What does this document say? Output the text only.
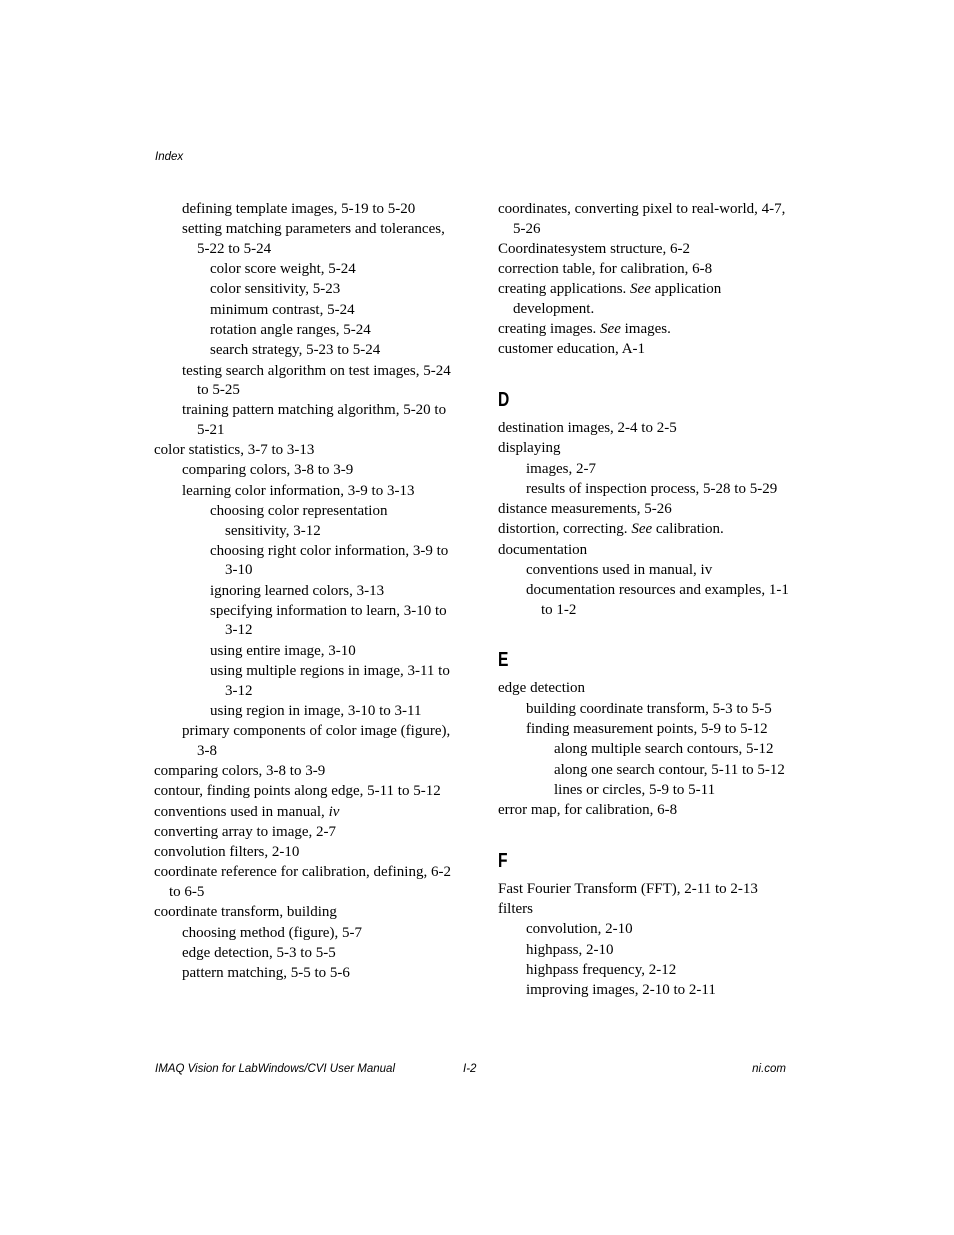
Index
defining template images, 5-19 to 5-20
setting matching parameters and tolerances, 5-22 to 5-24
color score weight, 5-24
color sensitivity, 5-23
minimum contrast, 5-24
rotation angle ranges, 5-24
search strategy, 5-23 to 5-24
testing search algorithm on test images, 5-24 to 5-25
training pattern matching algorithm, 5-20 to 5-21
color statistics, 3-7 to 3-13
comparing colors, 3-8 to 3-9
learning color information, 3-9 to 3-13
choosing color representation sensitivity, 3-12
choosing right color information, 3-9 to 3-10
ignoring learned colors, 3-13
specifying information to learn, 3-10 to 3-12
using entire image, 3-10
using multiple regions in image, 3-11 to 3-12
using region in image, 3-10 to 3-11
primary components of color image (figure), 3-8
comparing colors, 3-8 to 3-9
contour, finding points along edge, 5-11 to 5-12
conventions used in manual, iv
converting array to image, 2-7
convolution filters, 2-10
coordinate reference for calibration, defining, 6-2 to 6-5
coordinate transform, building
choosing method (figure), 5-7
edge detection, 5-3 to 5-5
pattern matching, 5-5 to 5-6
coordinates, converting pixel to real-world, 4-7, 5-26
Coordinatesystem structure, 6-2
correction table, for calibration, 6-8
creating applications. See application development.
creating images. See images.
customer education, A-1
D
destination images, 2-4 to 2-5
displaying
images, 2-7
results of inspection process, 5-28 to 5-29
distance measurements, 5-26
distortion, correcting. See calibration.
documentation
conventions used in manual, iv
documentation resources and examples, 1-1 to 1-2
E
edge detection
building coordinate transform, 5-3 to 5-5
finding measurement points, 5-9 to 5-12
along multiple search contours, 5-12
along one search contour, 5-11 to 5-12
lines or circles, 5-9 to 5-11
error map, for calibration, 6-8
F
Fast Fourier Transform (FFT), 2-11 to 2-13
filters
convolution, 2-10
highpass, 2-10
highpass frequency, 2-12
improving images, 2-10 to 2-11
IMAQ Vision for LabWindows/CVI User Manual	I-2	ni.com
